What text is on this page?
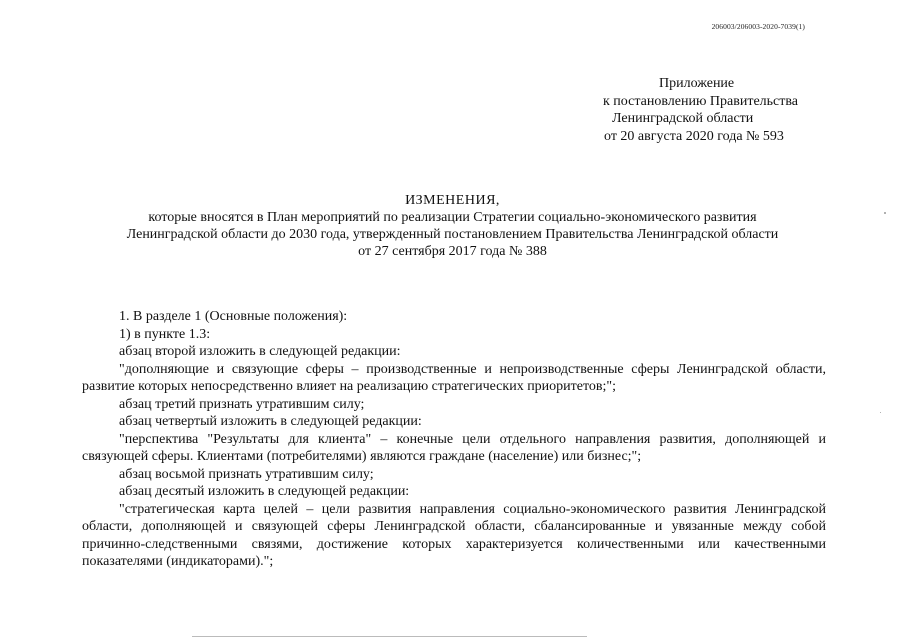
206003/206003-2020-7039(1)
Приложение
к постановлению Правительства
Ленинградской области
от 20 августа 2020 года № 593
ИЗМЕНЕНИЯ,
которые вносятся в План мероприятий по реализации Стратегии социально-экономического развития
Ленинградской области до 2030 года, утвержденный постановлением Правительства Ленинградской области
от 27 сентября 2017 года № 388

1. В разделе 1 (Основные положения):

1) в пункте 1.3:

абзац второй изложить в следующей редакции:

"дополняющие и связующие сферы – производственные и непроизводственные сферы Ленинградской области, развитие которых непосредственно влияет на реализацию стратегических приоритетов;";

абзац третий признать утратившим силу;

абзац четвертый изложить в следующей редакции:

"перспектива "Результаты для клиента" – конечные цели отдельного направления развития, дополняющей и связующей сферы. Клиентами (потребителями) являются граждане (население) или бизнес;";

абзац восьмой признать утратившим силу;

абзац десятый изложить в следующей редакции:

"стратегическая карта целей – цели развития направления социально-экономического развития Ленинградской области, дополняющей и связующей сферы Ленинградской области, сбалансированные и увязанные между собой причинно-следственными связями, достижение которых характеризуется количественными или качественными показателями (индикаторами).";
